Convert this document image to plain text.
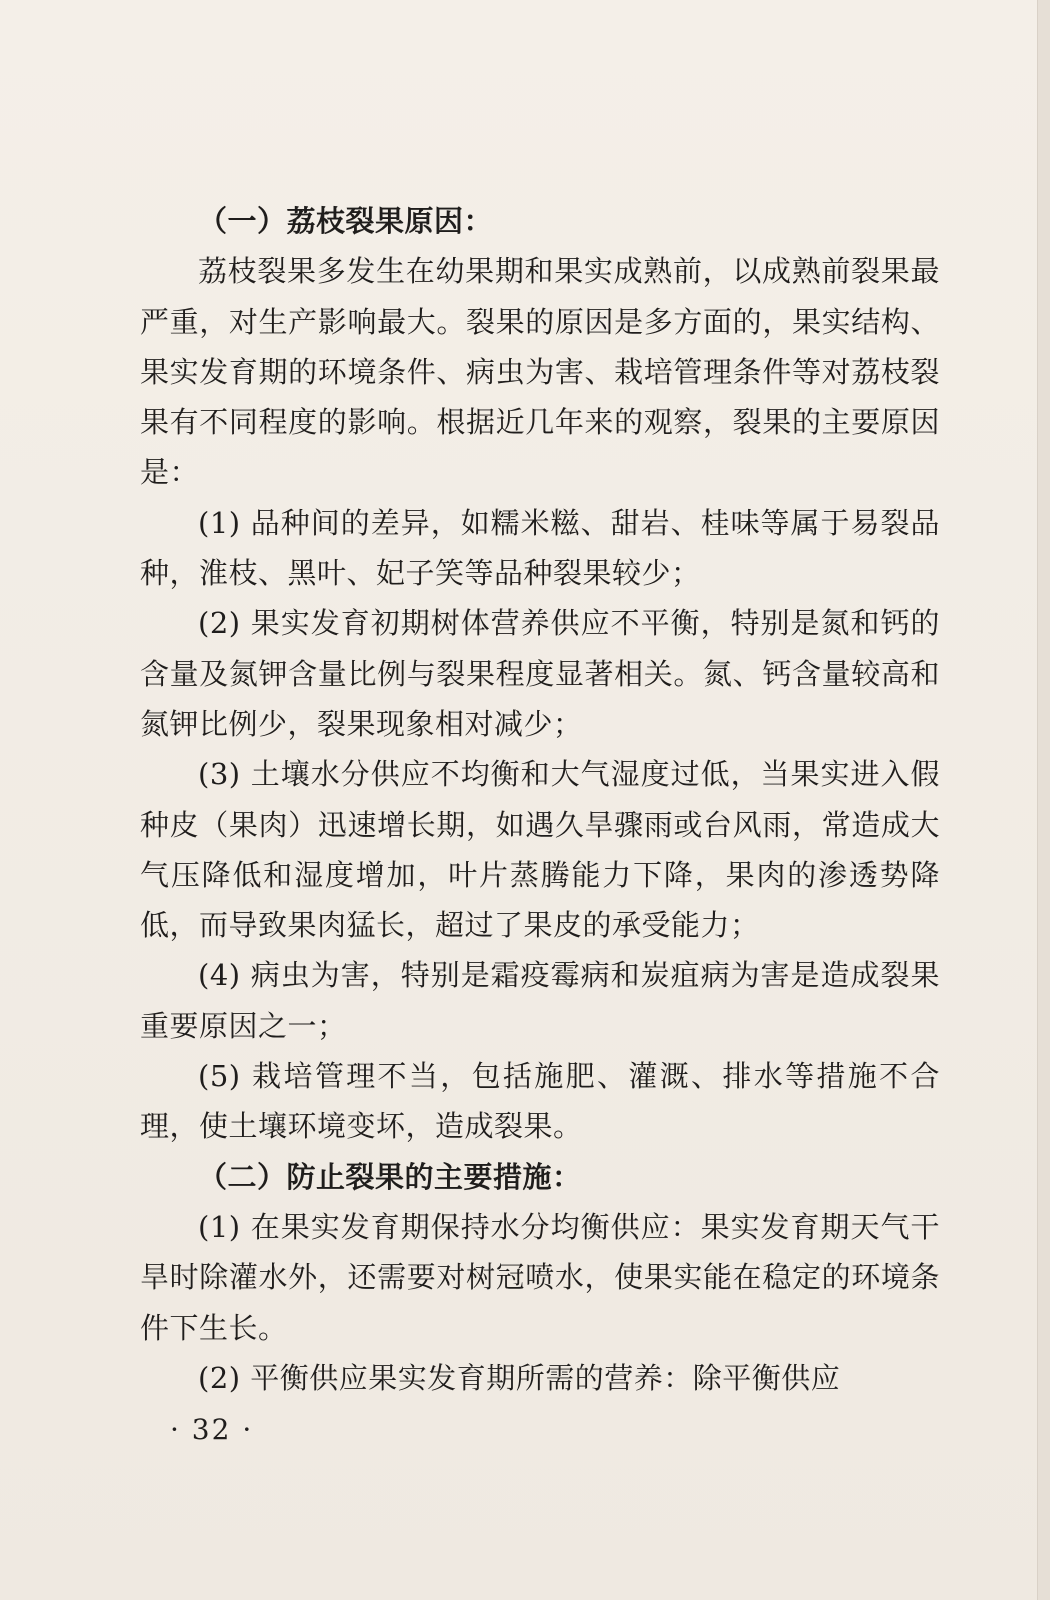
（一）荔枝裂果原因：

荔枝裂果多发生在幼果期和果实成熟前，以成熟前裂果最严重，对生产影响最大。裂果的原因是多方面的，果实结构、果实发育期的环境条件、病虫为害、栽培管理条件等对荔枝裂果有不同程度的影响。根据近几年来的观察，裂果的主要原因是：

(1) 品种间的差异，如糯米糍、甜岩、桂味等属于易裂品种，淮枝、黑叶、妃子笑等品种裂果较少；

(2) 果实发育初期树体营养供应不平衡，特别是氮和钙的含量及氮钾含量比例与裂果程度显著相关。氮、钙含量较高和氮钾比例少，裂果现象相对减少；

(3) 土壤水分供应不均衡和大气湿度过低，当果实进入假种皮（果肉）迅速增长期，如遇久旱骤雨或台风雨，常造成大气压降低和湿度增加，叶片蒸腾能力下降，果肉的渗透势降低，而导致果肉猛长，超过了果皮的承受能力；

(4) 病虫为害，特别是霜疫霉病和炭疽病为害是造成裂果重要原因之一；

(5) 栽培管理不当，包括施肥、灌溉、排水等措施不合理，使土壤环境变坏，造成裂果。

（二）防止裂果的主要措施：

(1) 在果实发育期保持水分均衡供应：果实发育期天气干旱时除灌水外，还需要对树冠喷水，使果实能在稳定的环境条件下生长。

(2) 平衡供应果实发育期所需的营养：除平衡供应

· 32 ·
